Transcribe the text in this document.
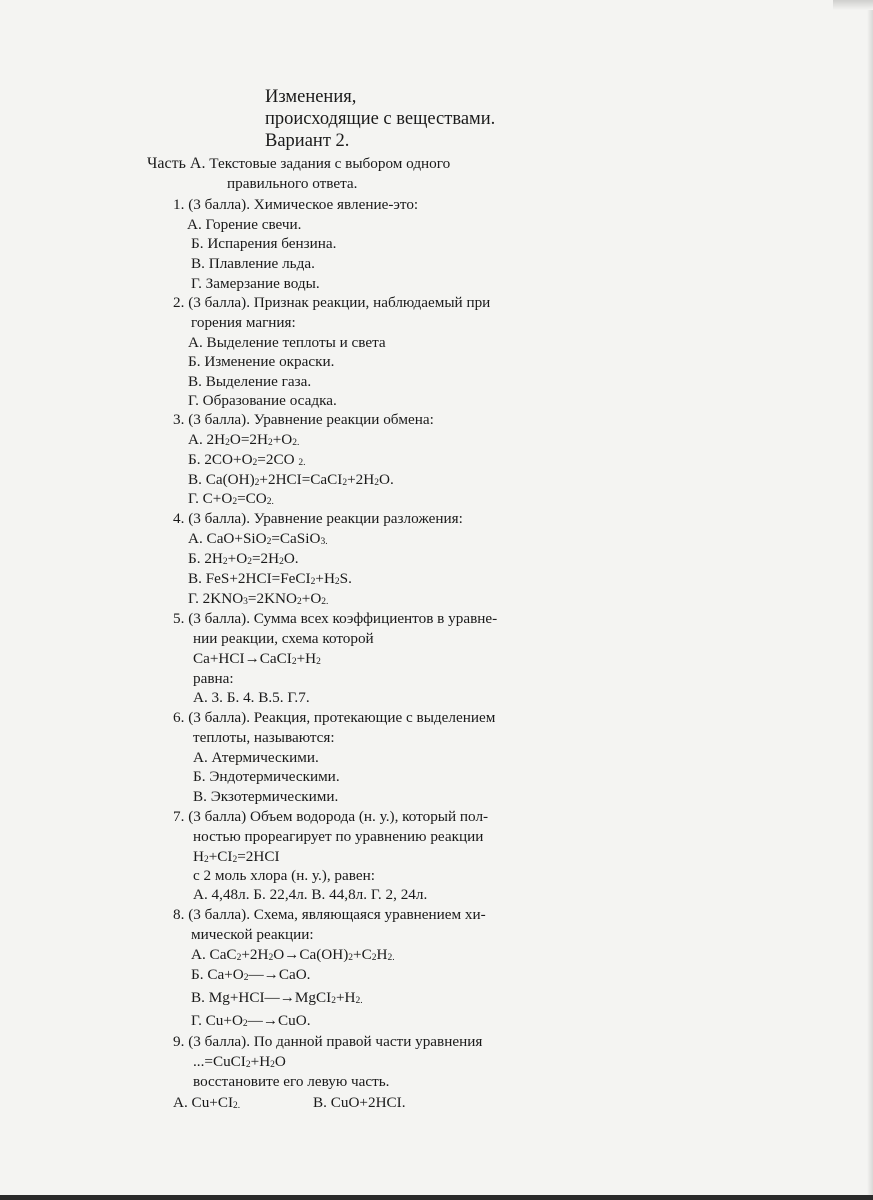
Изменения,
происходящие с веществами.
Вариант 2.
Часть А. Текстовые задания с выбором одного
правильного ответа.
1. (3 балла). Химическое явление-это:
А. Горение свечи.
Б. Испарения бензина.
В. Плавление льда.
Г. Замерзание воды.
2. (3 балла). Признак реакции, наблюдаемый при
горения магния:
А. Выделение теплоты и света
Б. Изменение окраски.
В. Выделение газа.
Г. Образование осадка.
3. (3 балла). Уравнение реакции обмена:
А. $2H_2O=2H_2+O_{2.}$
Б. $2CO+O_2=2CO$ $_{2.}$
В. $Ca(OH)_2+2HCI=CaCI_2+2H_2O$.
Г. $C+O_2=CO_{2.}$
4. (3 балла). Уравнение реакции разложения:
А. CaO+SiO$_2$=CaSiO$_{3.}$
Б. $2H_2+O_2=2H_2O$.
В. $FeS+2HCI=FeCI_2+H_2S$.
Г. $2KNO_3=2KNO_2+O_{2.}$
5. (3 балла). Сумма всех коэффициентов в уравне-
нии реакции, схема которой
$Ca+HCI\to CaCI_2+H_2$
равна:
А. 3. Б. 4. В.5. Г.7.
6. (3 балла). Реакция, протекающие с выделением
теплоты, называются:
А. Атермическими.
Б. Эндотермическими.
В. Экзотермическими.
7. (3 балла) Объем водорода (н. у.), который пол-
ностью прореагирует по уравнению реакции
$H_2+CI_2=2HCI$
с 2 моль хлора (н. у.), равен:
А. 4,48л. Б. 22,4л. В. 44,8л. Г. 2, 24л.
8. (3 балла). Схема, являющаяся уравнением хи-
мической реакции:
А. $CaC_2+2H_2O\to Ca(OH)_2+C_2H_{2.}$
Б. $Ca+O_2—\to CaO$.
В. $Mg+HCI—\to MgCI_2+H_{2.}$
Г. $Cu+O_2—\to CuO$.
9. (3 балла). По данной правой части уравнения
$...=CuCI_2+H_2O$
восстановите его левую часть.
А. $Cu+CI_{2.}$	В. CuO+2HCI.
